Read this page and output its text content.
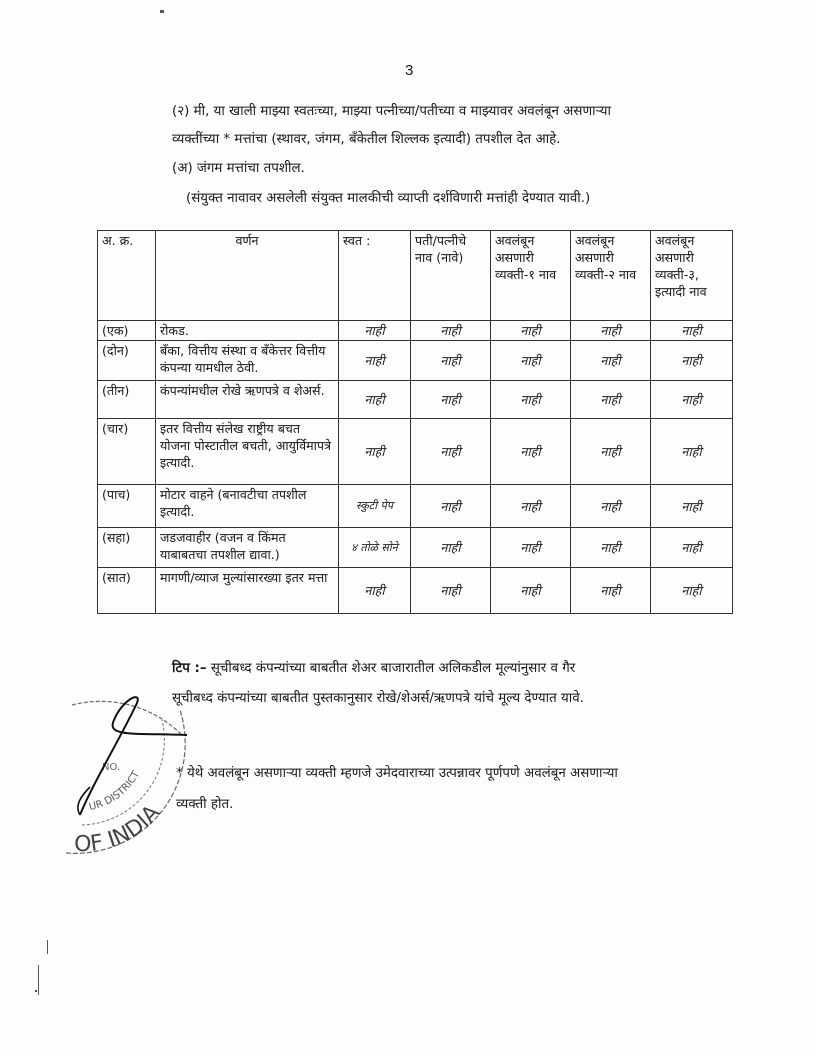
3
(२) मी, या खाली माझ्या स्वतःच्या, माझ्या पत्नीच्या/पतीच्या व माझ्यावर अवलंबून असणाऱ्या
व्यक्तींच्या * मत्तांचा (स्थावर, जंगम, बँकेतील शिल्लक इत्यादी) तपशील देत आहे.
(अ) जंगम मत्तांचा तपशील.
(संयुक्त नावावर असलेली संयुक्त मालकीची व्याप्ती दर्शविणारी मत्तांही देण्यात यावी.)
अ. क्र.	वर्णन	स्वत :	पती/पत्नीचे नाव (नावे)	अवलंबून असणारी व्यक्ती-१ नाव	अवलंबून असणारी व्यक्ती-२ नाव	अवलंबून असणारी व्यक्ती-३, इत्यादी नाव
(एक)	रोकड.	नाही	नाही	नाही	नाही	नाही
(दोन)	बँका, वित्तीय संस्था व बँकेत्तर वित्तीय कंपन्या यामधील ठेवी.	नाही	नाही	नाही	नाही	नाही
(तीन)	कंपन्यांमधील रोखे ऋणपत्रे व शेअर्स.	नाही	नाही	नाही	नाही	नाही
(चार)	इतर वित्तीय संलेख राष्ट्रीय बचत योजना पोस्टातील बचती, आयुर्विमापत्रे इत्यादी.	नाही	नाही	नाही	नाही	नाही
(पाच)	मोटार वाहने (बनावटीचा तपशील इत्यादी.	स्कुटी पेप	नाही	नाही	नाही	नाही
(सहा)	जडजवाहीर (वजन व किंमत याबाबतचा तपशील द्यावा.)	४ तोळे सोने	नाही	नाही	नाही	नाही
(सात)	मागणी/व्याज मुल्यांसारख्या इतर मत्ता	नाही	नाही	नाही	नाही	नाही
टिप :– सूचीबध्द कंपन्यांच्या बाबतीत शेअर बाजारातील अलिकडील मूल्यांनुसार व गैर
सूचीबध्द कंपन्यांच्या बाबतीत पुस्तकानुसार रोखे/शेअर्स/ऋणपत्रे यांचे मूल्य देण्यात यावे.
* येथे अवलंबून असणाऱ्या व्यक्ती म्हणजे उमेदवाराच्या उत्पन्नावर पूर्णपणे अवलंबून असणाऱ्या
व्यक्ती होत.
OF INDIA
UR DISTRICT
NO.
